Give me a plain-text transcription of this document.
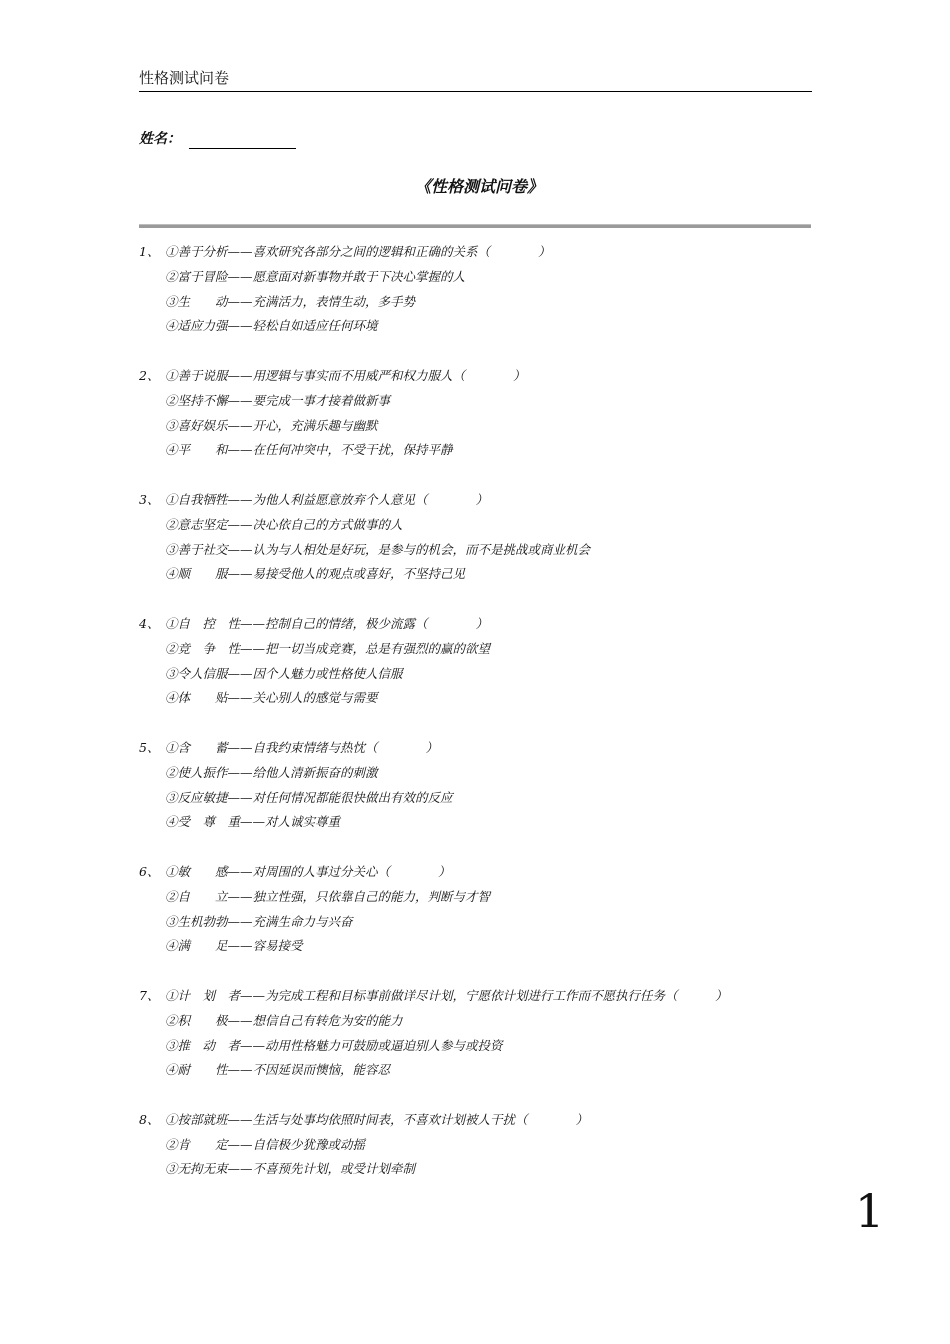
性格测试问卷
姓名：
《性格测试问卷》
1、 ①善于分析——喜欢研究各部分之间的逻辑和正确的关系（	）
②富于冒险——愿意面对新事物并敢于下决心掌握的人
③生　　动——充满活力，表情生动，多手势
④适应力强——轻松自如适应任何环境
2、 ①善于说服——用逻辑与事实而不用威严和权力服人（	）
②坚持不懈——要完成一事才接着做新事
③喜好娱乐——开心，充满乐趣与幽默
④平　　和——在任何冲突中，不受干扰，保持平静
3、 ①自我牺牲——为他人利益愿意放弃个人意见（	）
②意志坚定——决心依自己的方式做事的人
③善于社交——认为与人相处是好玩，是参与的机会，而不是挑战或商业机会
④顺　　服——易接受他人的观点或喜好，不坚持己见
4、 ①自　控　性——控制自己的情绪，极少流露（	）
②竞　争　性——把一切当成竞赛，总是有强烈的赢的欲望
③令人信服——因个人魅力或性格使人信服
④体　　贴——关心别人的感觉与需要
5、 ①含　　蓄——自我约束情绪与热忱（	）
②使人振作——给他人清新振奋的刺激
③反应敏捷——对任何情况都能很快做出有效的反应
④受　尊　重——对人诚实尊重
6、 ①敏　　感——对周围的人事过分关心（	）
②自　　立——独立性强，只依靠自己的能力，判断与才智
③生机勃勃——充满生命力与兴奋
④满　　足——容易接受
7、 ①计　划　者——为完成工程和目标事前做详尽计划，宁愿依计划进行工作而不愿执行任务（　　　）
②积　　极——想信自己有转危为安的能力
③推　动　者——动用性格魅力可鼓励或逼迫别人参与或投资
④耐　　性——不因延误而懊恼，能容忍
8、 ①按部就班——生活与处事均依照时间表，不喜欢计划被人干扰（	）
②肯　　定——自信极少犹豫或动摇
③无拘无束——不喜预先计划，或受计划牵制
1
